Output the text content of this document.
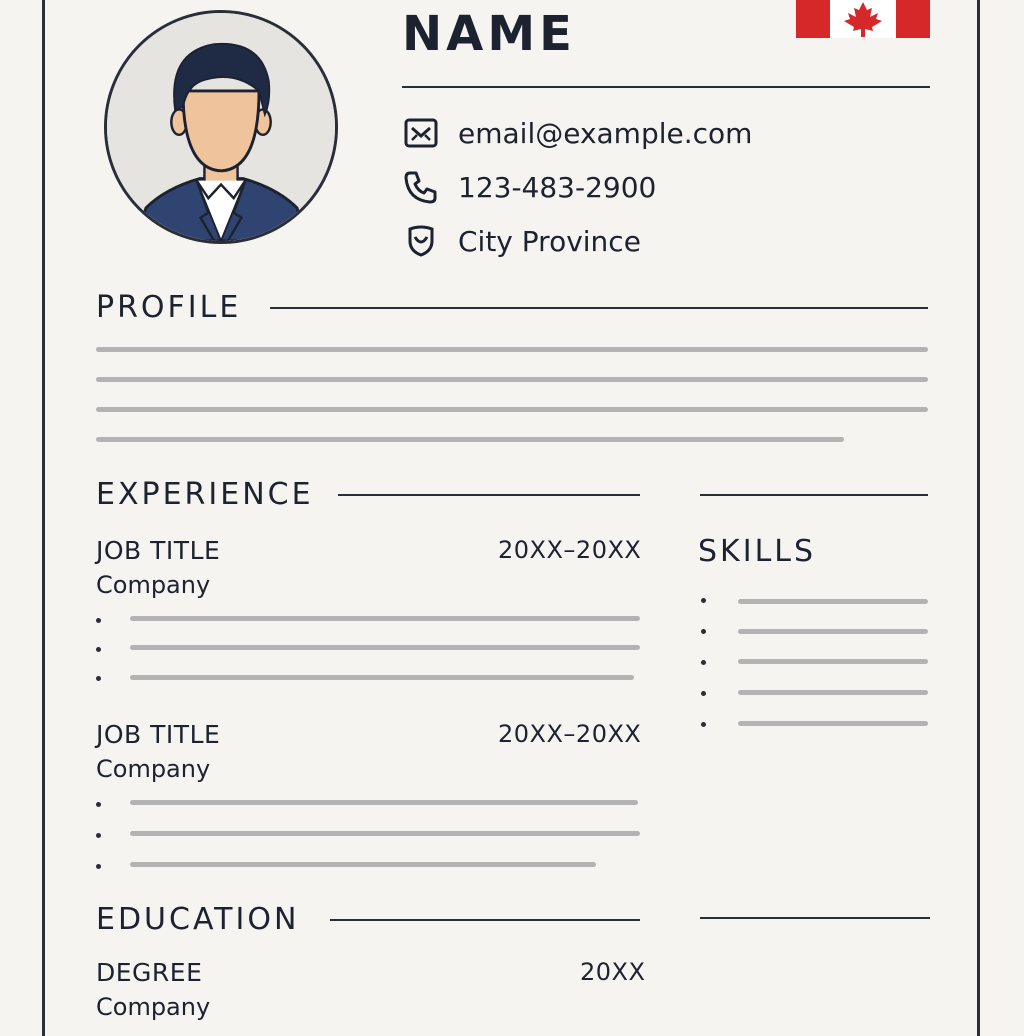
NAME
email@example.com
123-483-2900
City Province
PROFILE
EXPERIENCE
JOB TITLE	20XX–20XX
Company
JOB TITLE	20XX–20XX
Company
SKILLS
EDUCATION
DEGREE	20XX
Company
